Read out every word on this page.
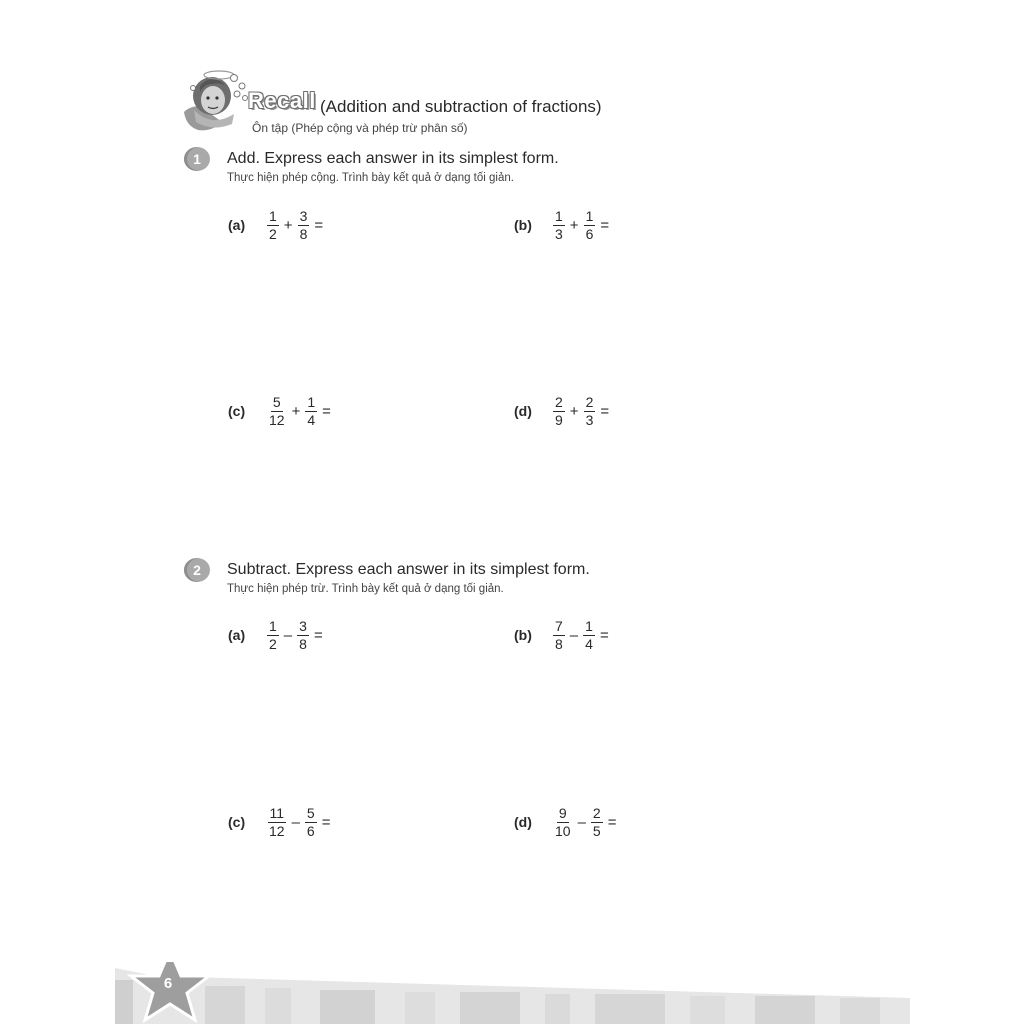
Recall (Addition and subtraction of fractions)
Ôn tập (Phép cộng và phép trừ phân số)
1	Add. Express each answer in its simplest form.
Thực hiện phép cộng. Trình bày kết quả ở dạng tối giản.
(a)	$\frac{1}{2} + \frac{3}{8}$ =	(b)	$\frac{1}{3} + \frac{1}{6}$ =
(c)	$\frac{5}{12} + \frac{1}{4}$ =	(d)	$\frac{2}{9} + \frac{2}{3}$ =
2	Subtract. Express each answer in its simplest form.
Thực hiện phép trừ. Trình bày kết quả ở dạng tối giản.
(a)	$\frac{1}{2} - \frac{3}{8}$ =	(b)	$\frac{7}{8} - \frac{1}{4}$ =
(c)	$\frac{11}{12} - \frac{5}{6}$ =	(d)	$\frac{9}{10} - \frac{2}{5}$ =
6
